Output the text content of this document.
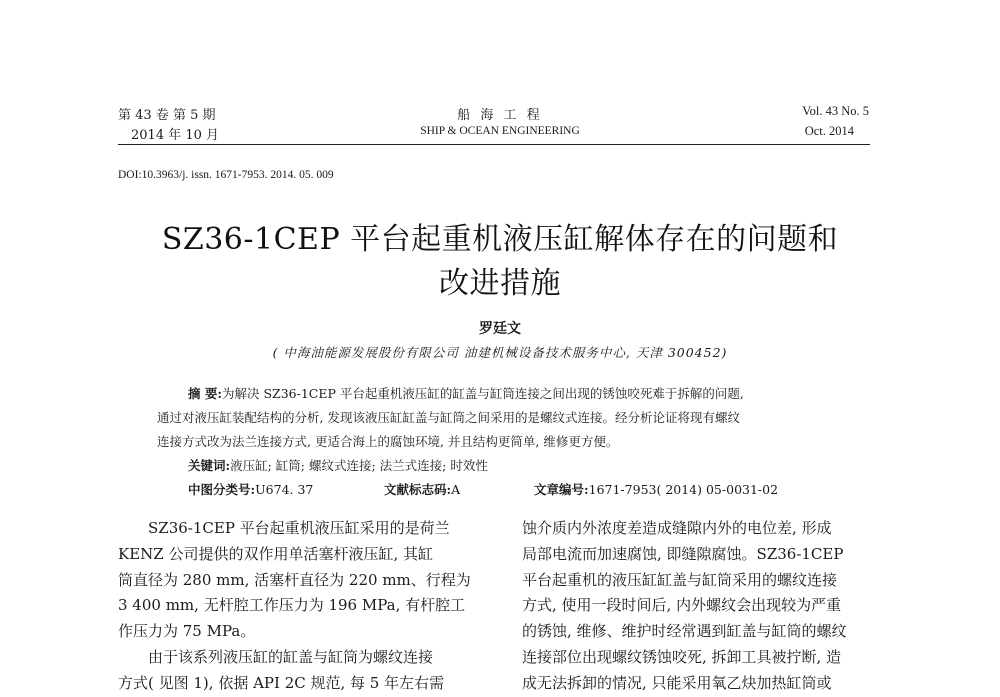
第 43 卷 第 5 期
2014 年 10 月
船 海 工 程
SHIP & OCEAN ENGINEERING
Vol. 43 No. 5
Oct. 2014
DOI:10.3963/j. issn. 1671-7953. 2014. 05. 009
SZ36-1CEP 平台起重机液压缸解体存在的问题和
改进措施
罗廷文
( 中海油能源发展股份有限公司 油建机械设备技术服务中心, 天津 300452)
摘 要:为解决 SZ36-1CEP 平台起重机液压缸的缸盖与缸筒连接之间出现的锈蚀咬死难于拆解的问题,
通过对液压缸装配结构的分析, 发现该液压缸缸盖与缸筒之间采用的是螺纹式连接。经分析论证将现有螺纹
连接方式改为法兰连接方式, 更适合海上的腐蚀环境, 并且结构更简单, 维修更方便。
关键词:液压缸; 缸筒; 螺纹式连接; 法兰式连接; 时效性
中图分类号:U674. 37	文献标志码:A	文章编号:1671-7953( 2014) 05-0031-02
　　SZ36-1CEP 平台起重机液压缸采用的是荷兰
KENZ 公司提供的双作用单活塞杆液压缸, 其缸
筒直径为 280 mm, 活塞杆直径为 220 mm、行程为
3 400 mm, 无杆腔工作压力为 196 MPa, 有杆腔工
作压力为 75 MPa。
　　由于该系列液压缸的缸盖与缸筒为螺纹连接
方式( 见图 1), 依据 API 2C 规范, 每 5 年左右需
蚀介质内外浓度差造成缝隙内外的电位差, 形成
局部电流而加速腐蚀, 即缝隙腐蚀。SZ36-1CEP
平台起重机的液压缸缸盖与缸筒采用的螺纹连接
方式, 使用一段时间后, 内外螺纹会出现较为严重
的锈蚀, 维修、维护时经常遇到缸盖与缸筒的螺纹
连接部位出现螺纹锈蚀咬死, 拆卸工具被拧断, 造
成无法拆卸的情况, 只能采用氧乙炔加热缸筒或
